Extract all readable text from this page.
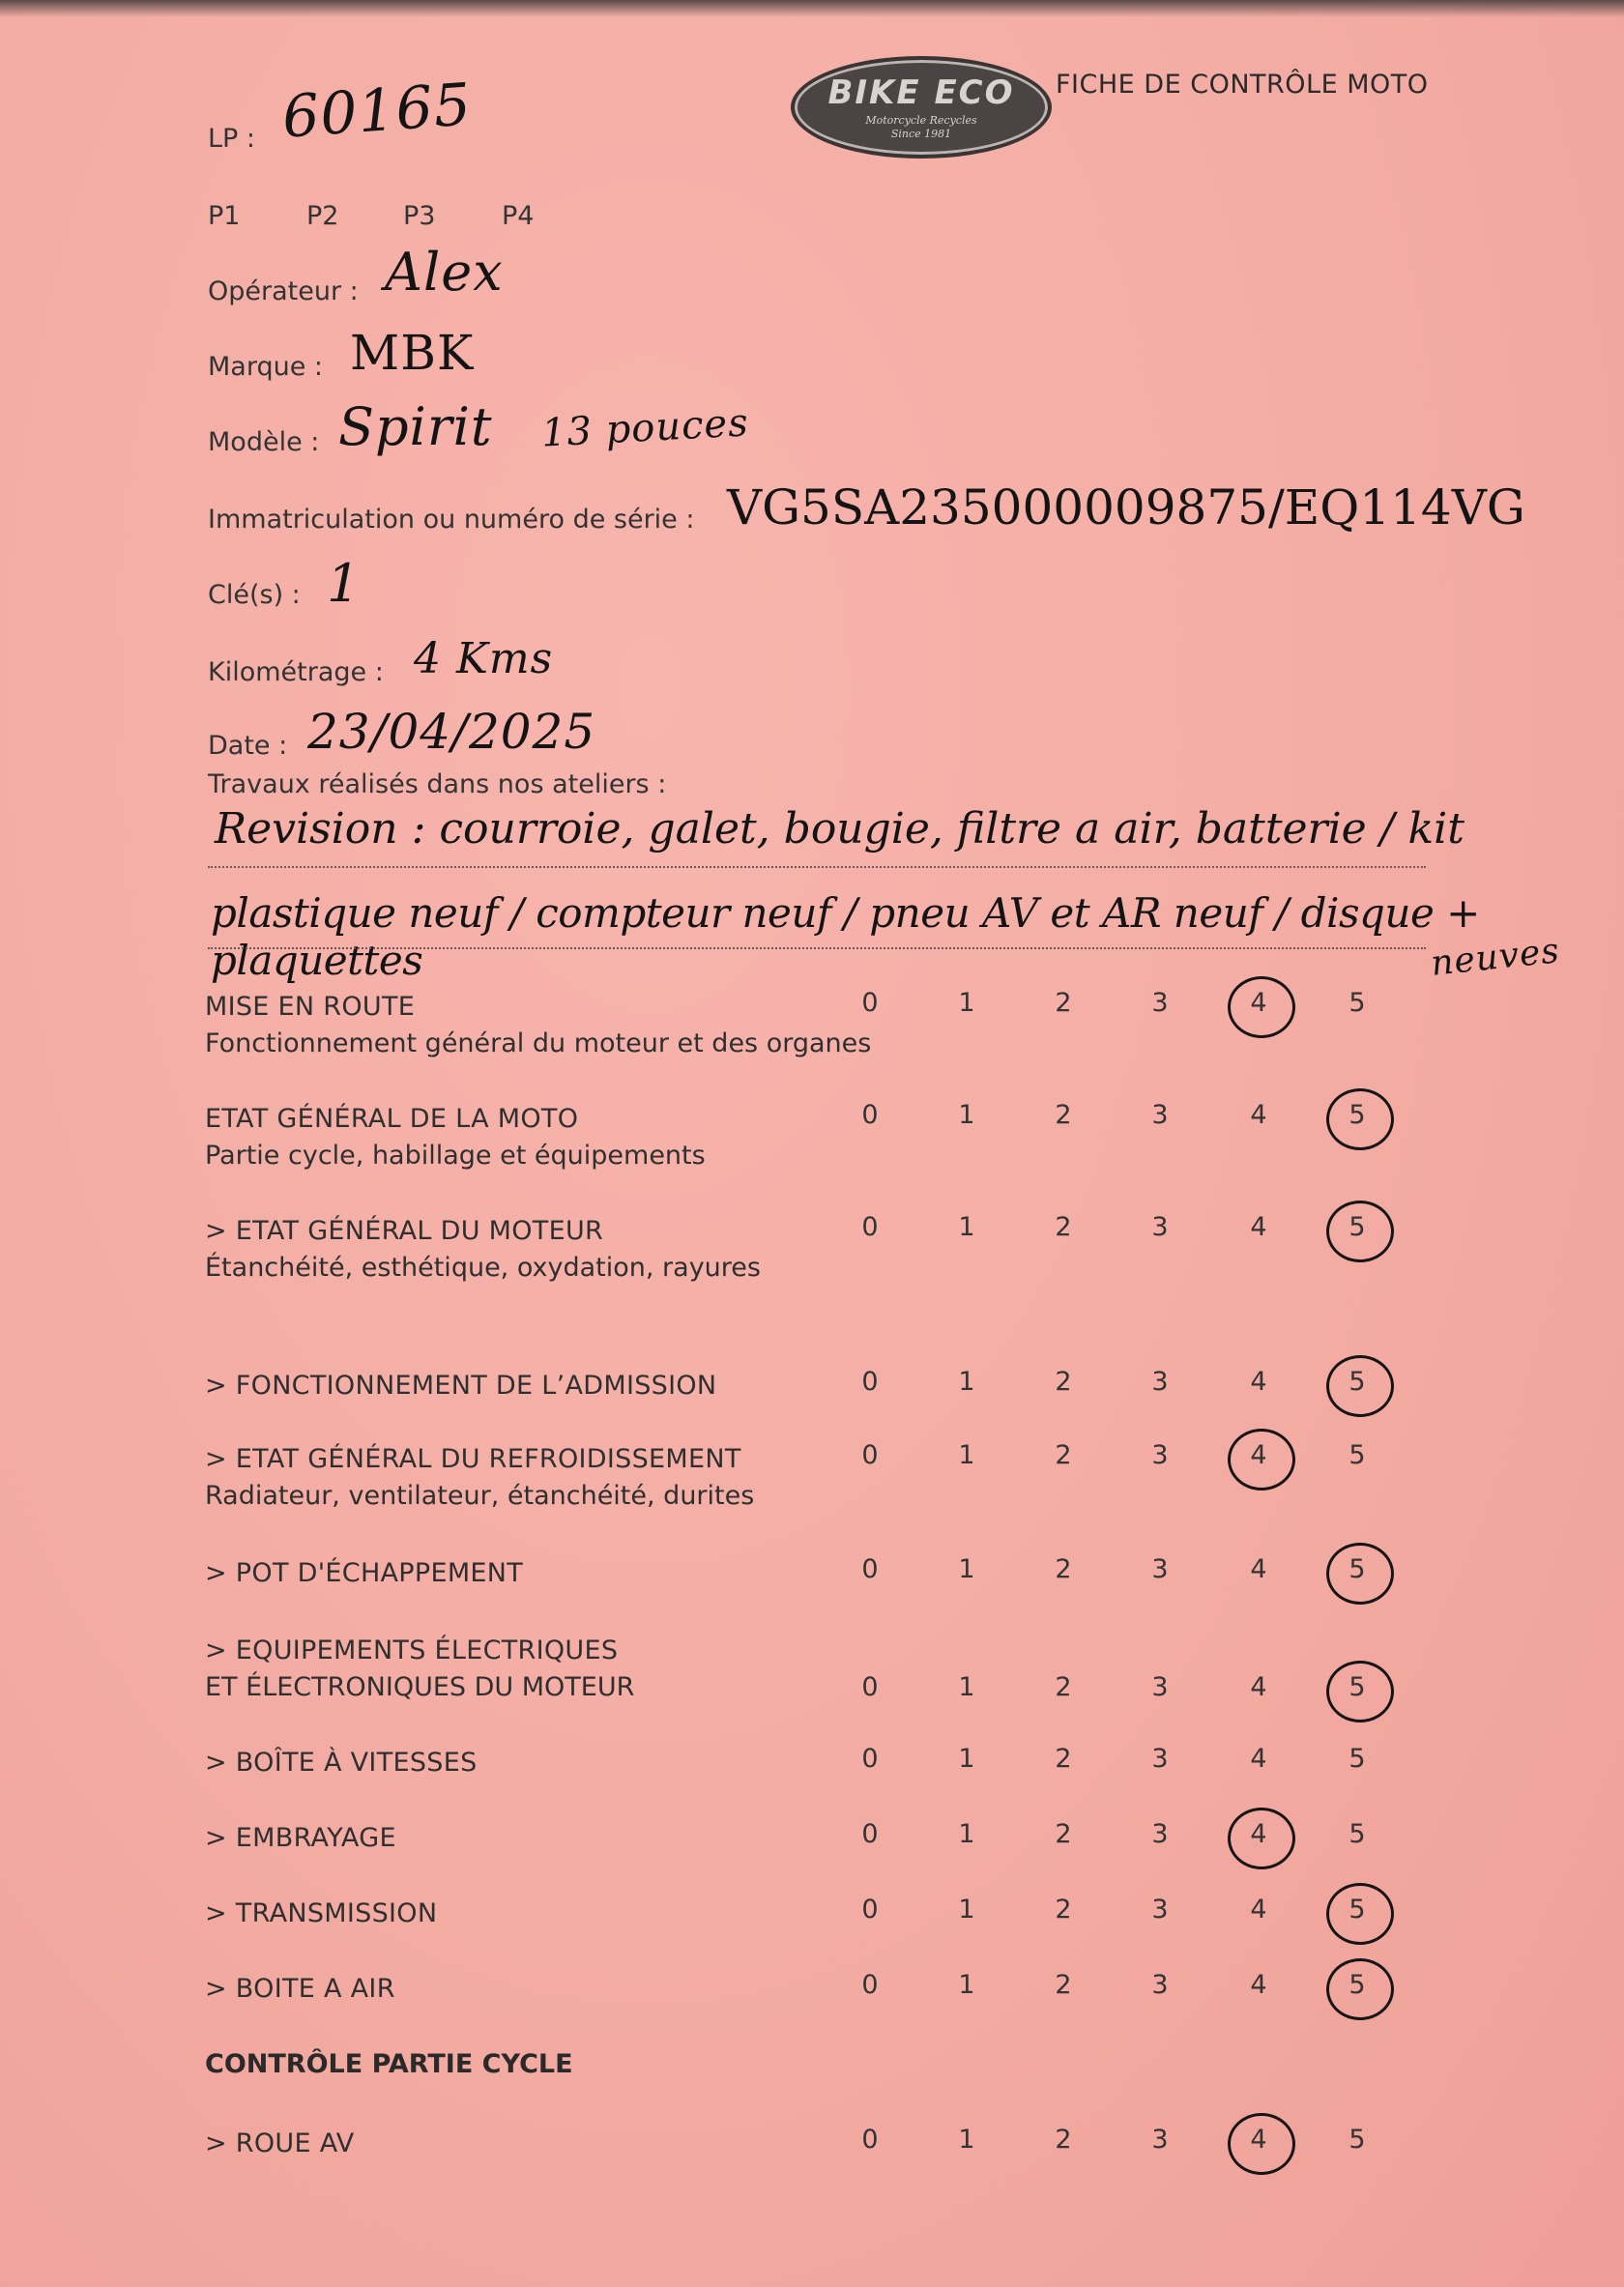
BIKE ECO
Motorcycle Recycles
Since 1981
FICHE DE CONTRÔLE MOTO
LP : 60165
P1	P2 P3	P4
Opérateur : Alex
Marque : MBK
Modèle : Spirit 13 pouces
Immatriculation ou numéro de série : VG5SA235000009875/EQ114VG
Clé(s) : 1
Kilométrage : 4 Kms
Date : 23/04/2025
Travaux réalisés dans nos ateliers :
Revision : courroie, galet, bougie, filtre a air, batterie / kit
plastique neuf / compteur neuf / pneu AV et AR neuf / disque + plaquettes	neuves
MISE EN ROUTE
Fonctionnement général du moteur et des organes
0	1	2	3	4	5
ETAT GÉNÉRAL DE LA MOTO
Partie cycle, habillage et équipements
0	1	2	3	4	5
> ETAT GÉNÉRAL DU MOTEUR
Étanchéité, esthétique, oxydation, rayures
0	1	2	3	4	5
> FONCTIONNEMENT DE L’ADMISSION	0	1	2	3	4	5
> ETAT GÉNÉRAL DU REFROIDISSEMENT
Radiateur, ventilateur, étanchéité, durites
0	1	2	3	4	5
> POT D'ÉCHAPPEMENT	0	1	2	3	4	5
> EQUIPEMENTS ÉLECTRIQUES
ET ÉLECTRONIQUES DU MOTEUR	0	1	2	3	4	5
> BOÎTE À VITESSES	0	1	2	3	4	5
> EMBRAYAGE	0	1	2	3	4	5
> TRANSMISSION	0	1	2	3	4	5
> BOITE A AIR	0	1	2	3	4	5
CONTRÔLE PARTIE CYCLE
> ROUE AV	0	1	2	3	4	5
